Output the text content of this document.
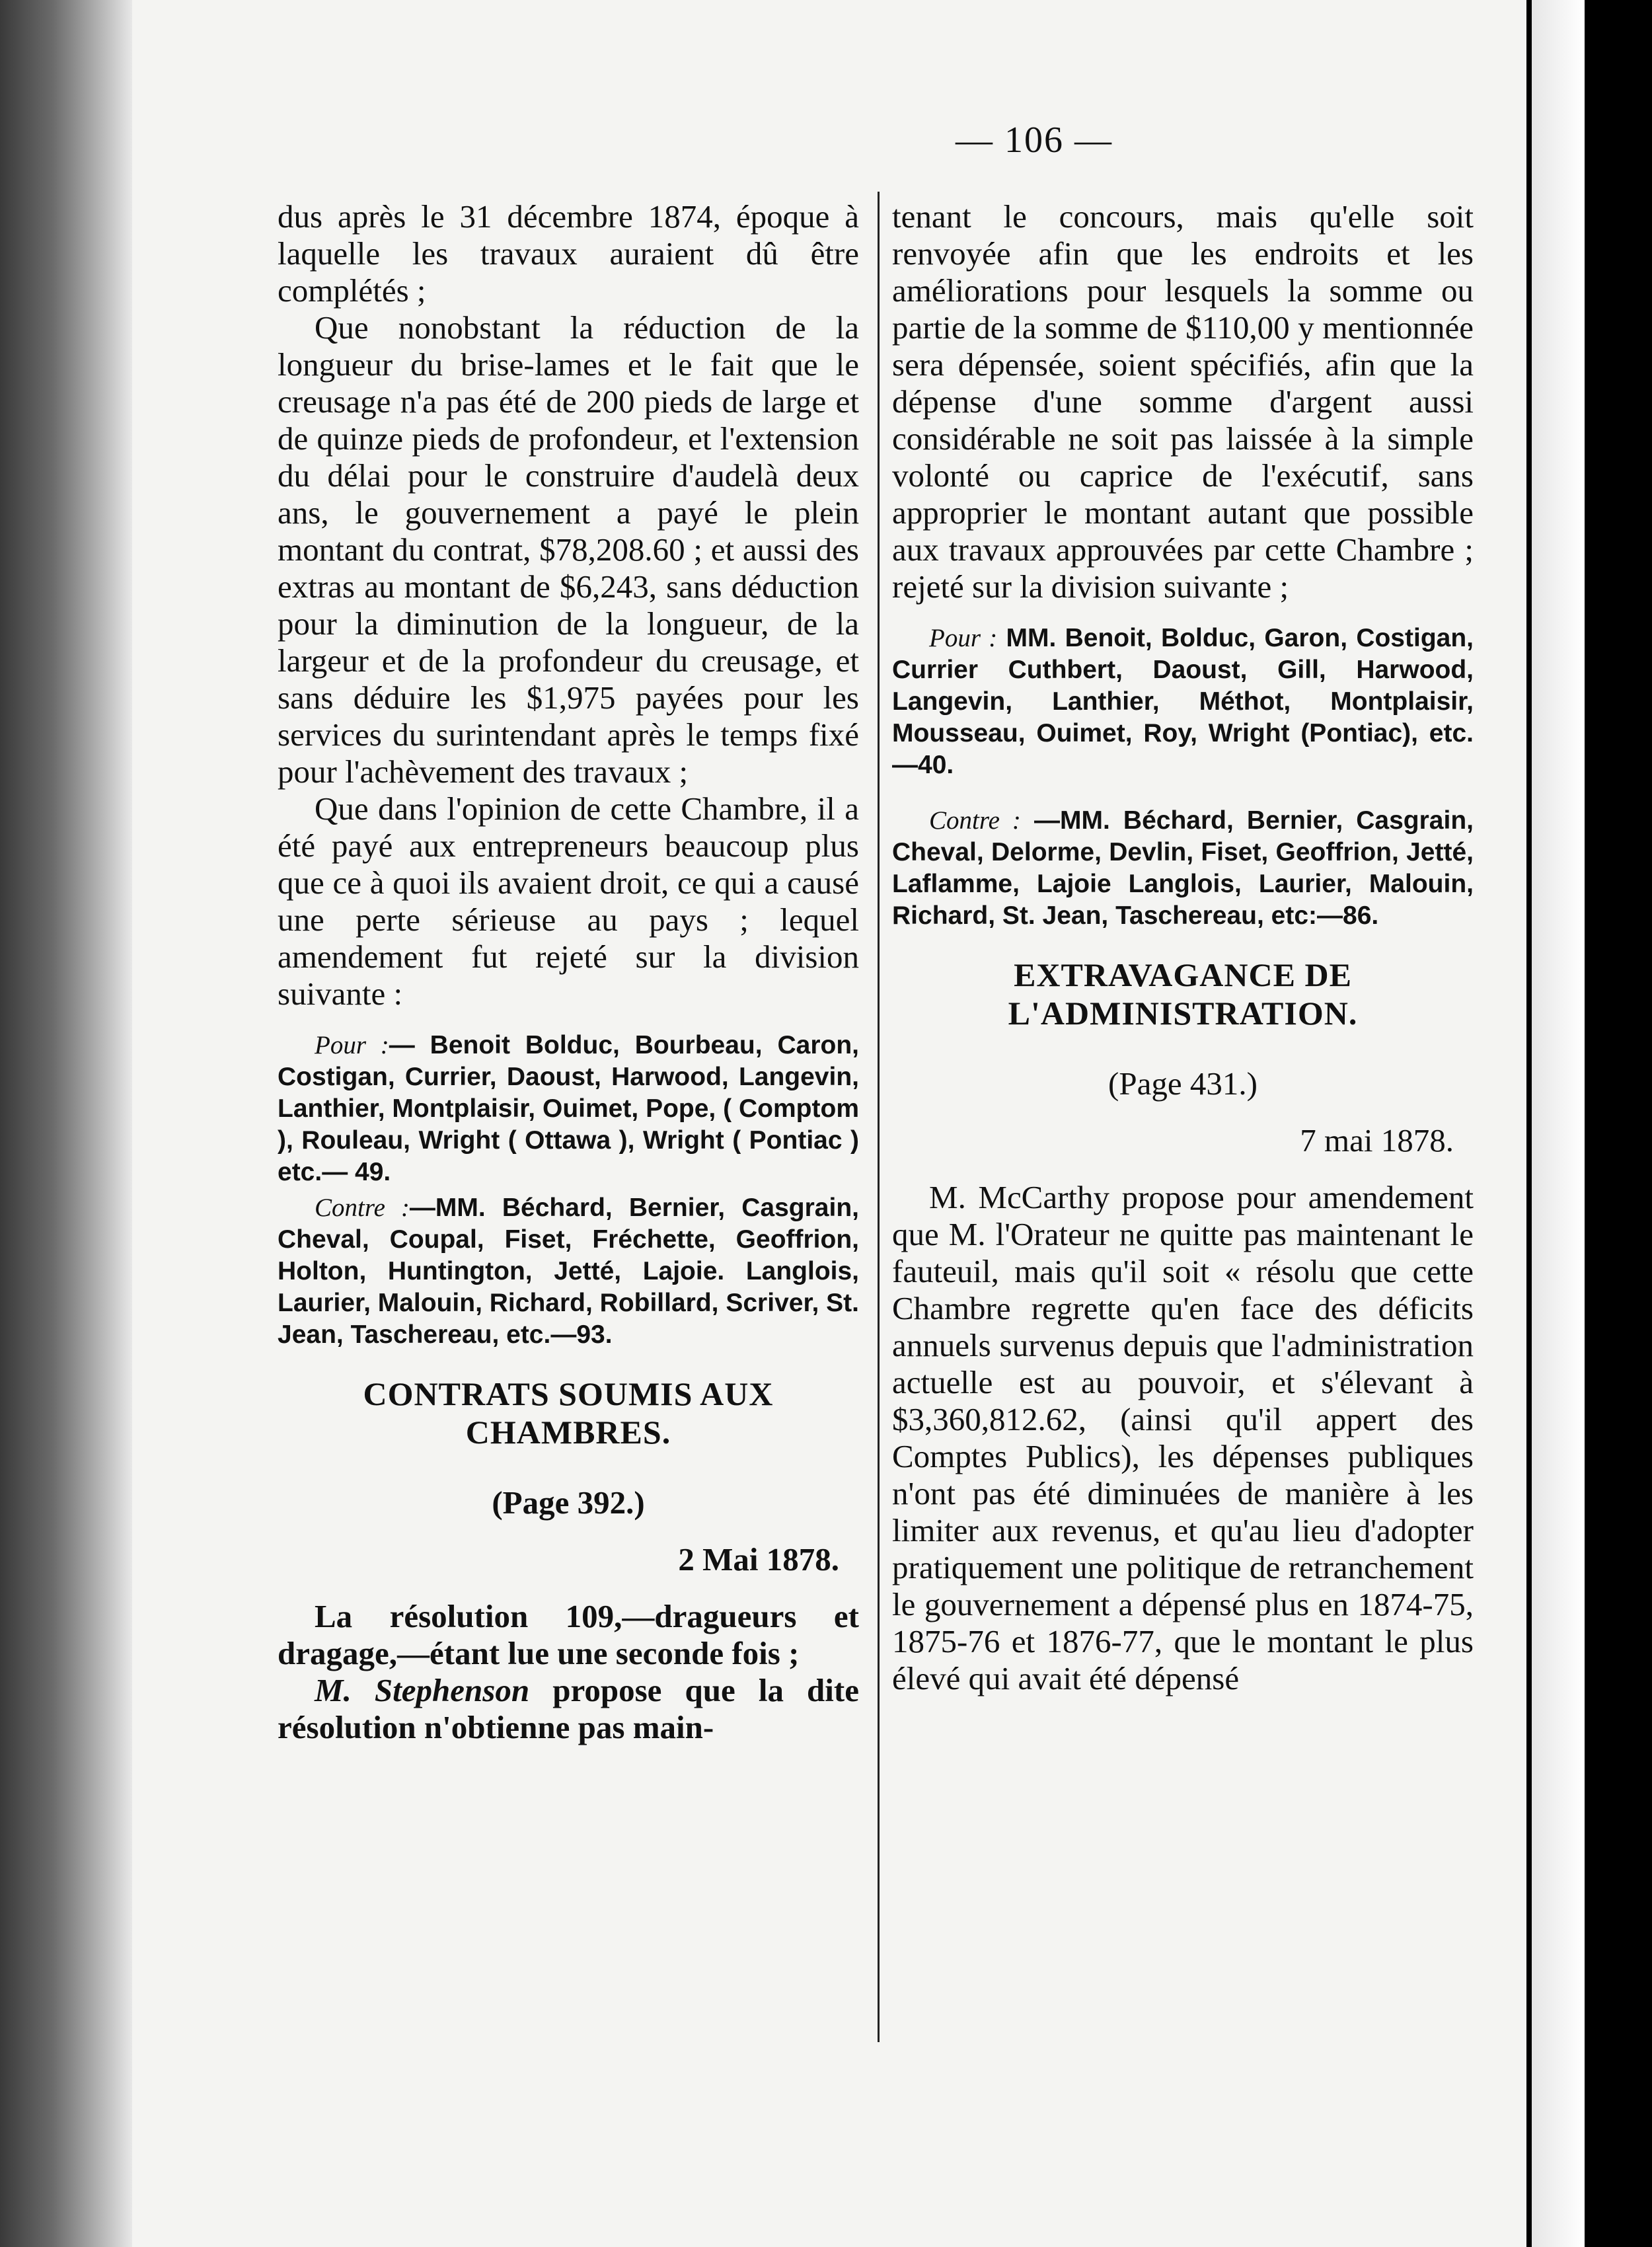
— 106 —

dus après le 31 décembre 1874, époque à laquelle les travaux auraient dû être complétés ;

Que nonobstant la réduction de la longueur du brise-lames et le fait que le creusage n'a pas été de 200 pieds de large et de quinze pieds de profondeur, et l'extension du délai pour le construire d'audelà deux ans, le gouvernement a payé le plein montant du contrat, $78,208.60 ; et aussi des extras au montant de $6,243, sans déduction pour la diminution de la longueur, de la largeur et de la profondeur du creusage, et sans déduire les $1,975 payées pour les services du surintendant après le temps fixé pour l'achèvement des travaux ;

Que dans l'opinion de cette Chambre, il a été payé aux entrepreneurs beaucoup plus que ce à quoi ils avaient droit, ce qui a causé une perte sérieuse au pays ; lequel amendement fut rejeté sur la division suivante :

Pour :— Benoit Bolduc, Bourbeau, Caron, Costigan, Currier, Daoust, Harwood, Langevin, Lanthier, Montplaisir, Ouimet, Pope, ( Comptom ), Rouleau, Wright ( Ottawa ), Wright ( Pontiac ) etc.— 49.

Contre :—MM. Béchard, Bernier, Casgrain, Cheval, Coupal, Fiset, Fréchette, Geoffrion, Holton, Huntington, Jetté, Lajoie. Langlois, Laurier, Malouin, Richard, Robillard, Scriver, St. Jean, Taschereau, etc.—93.

CONTRATS SOUMIS AUX CHAMBRES.
(Page 392.)
2 Mai 1878.

La résolution 109,—dragueurs et dragage,—étant lue une seconde fois ;

M. Stephenson propose que la dite résolution n'obtienne pas main-

tenant le concours, mais qu'elle soit renvoyée afin que les endroits et les améliorations pour lesquels la somme ou partie de la somme de $110,00 y mentionnée sera dépensée, soient spécifiés, afin que la dépense d'une somme d'argent aussi considérable ne soit pas laissée à la simple volonté ou caprice de l'exécutif, sans approprier le montant autant que possible aux travaux approuvées par cette Chambre ; rejeté sur la division suivante ;

Pour : MM. Benoit, Bolduc, Garon, Costigan, Currier Cuthbert, Daoust, Gill, Harwood, Langevin, Lanthier, Méthot, Montplaisir, Mousseau, Ouimet, Roy, Wright (Pontiac), etc. —40.

Contre : —MM. Béchard, Bernier, Casgrain, Cheval, Delorme, Devlin, Fiset, Geoffrion, Jetté, Laflamme, Lajoie Langlois, Laurier, Malouin, Richard, St. Jean, Taschereau, etc:—86.

EXTRAVAGANCE DE L'ADMINISTRATION.
(Page 431.)
7 mai 1878.

M. McCarthy propose pour amendement que M. l'Orateur ne quitte pas maintenant le fauteuil, mais qu'il soit « résolu que cette Chambre regrette qu'en face des déficits annuels survenus depuis que l'administration actuelle est au pouvoir, et s'élevant à $3,360,812.62, (ainsi qu'il appert des Comptes Publics), les dépenses publiques n'ont pas été diminuées de manière à les limiter aux revenus, et qu'au lieu d'adopter pratiquement une politique de retranchement le gouvernement a dépensé plus en 1874-75, 1875-76 et 1876-77, que le montant le plus élevé qui avait été dépensé
